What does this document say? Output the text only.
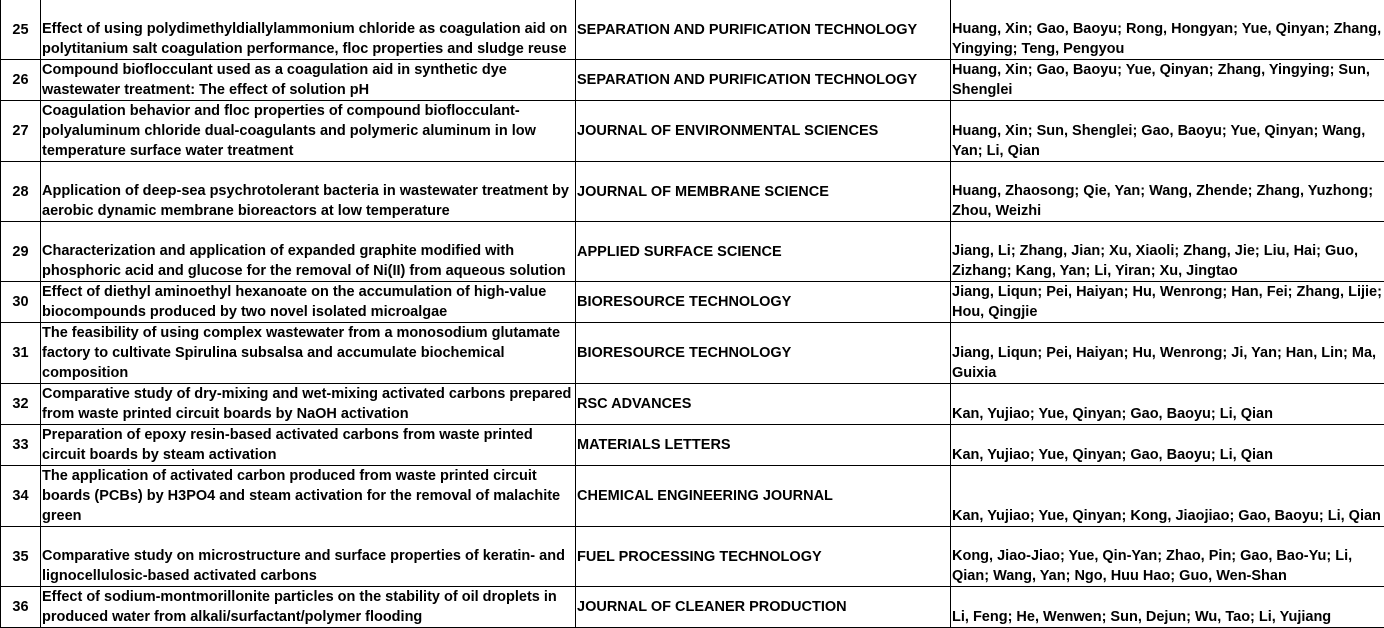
25	Effect of using polydimethyldiallylammonium chloride as coagulation aid on polytitanium salt coagulation performance, floc properties and sludge reuse	SEPARATION AND PURIFICATION TECHNOLOGY	Huang, Xin; Gao, Baoyu; Rong, Hongyan; Yue, Qinyan; Zhang, Yingying; Teng, Pengyou
26	Compound bioflocculant used as a coagulation aid in synthetic dye wastewater treatment: The effect of solution pH	SEPARATION AND PURIFICATION TECHNOLOGY	Huang, Xin; Gao, Baoyu; Yue, Qinyan; Zhang, Yingying; Sun, Shenglei
27	Coagulation behavior and floc properties of compound bioflocculant-polyaluminum chloride dual-coagulants and polymeric aluminum in low temperature surface water treatment	JOURNAL OF ENVIRONMENTAL SCIENCES	Huang, Xin; Sun, Shenglei; Gao, Baoyu; Yue, Qinyan; Wang, Yan; Li, Qian
28	Application of deep-sea psychrotolerant bacteria in wastewater treatment by aerobic dynamic membrane bioreactors at low temperature	JOURNAL OF MEMBRANE SCIENCE	Huang, Zhaosong; Qie, Yan; Wang, Zhende; Zhang, Yuzhong; Zhou, Weizhi
29	Characterization and application of expanded graphite modified with phosphoric acid and glucose for the removal of Ni(II) from aqueous solution	APPLIED SURFACE SCIENCE	Jiang, Li; Zhang, Jian; Xu, Xiaoli; Zhang, Jie; Liu, Hai; Guo, Zizhang; Kang, Yan; Li, Yiran; Xu, Jingtao
30	Effect of diethyl aminoethyl hexanoate on the accumulation of high-value biocompounds produced by two novel isolated microalgae	BIORESOURCE TECHNOLOGY	Jiang, Liqun; Pei, Haiyan; Hu, Wenrong; Han, Fei; Zhang, Lijie; Hou, Qingjie
31	The feasibility of using complex wastewater from a monosodium glutamate factory to cultivate Spirulina subsalsa and accumulate biochemical composition	BIORESOURCE TECHNOLOGY	Jiang, Liqun; Pei, Haiyan; Hu, Wenrong; Ji, Yan; Han, Lin; Ma, Guixia
32	Comparative study of dry-mixing and wet-mixing activated carbons prepared from waste printed circuit boards by NaOH activation	RSC ADVANCES	Kan, Yujiao; Yue, Qinyan; Gao, Baoyu; Li, Qian
33	Preparation of epoxy resin-based activated carbons from waste printed circuit boards by steam activation	MATERIALS LETTERS	Kan, Yujiao; Yue, Qinyan; Gao, Baoyu; Li, Qian
34	The application of activated carbon produced from waste printed circuit boards (PCBs) by H3PO4 and steam activation for the removal of malachite green	CHEMICAL ENGINEERING JOURNAL	Kan, Yujiao; Yue, Qinyan; Kong, Jiaojiao; Gao, Baoyu; Li, Qian
35	Comparative study on microstructure and surface properties of keratin- and lignocellulosic-based activated carbons	FUEL PROCESSING TECHNOLOGY	Kong, Jiao-Jiao; Yue, Qin-Yan; Zhao, Pin; Gao, Bao-Yu; Li, Qian; Wang, Yan; Ngo, Huu Hao; Guo, Wen-Shan
36	Effect of sodium-montmorillonite particles on the stability of oil droplets in produced water from alkali/surfactant/polymer flooding	JOURNAL OF CLEANER PRODUCTION	Li, Feng; He, Wenwen; Sun, Dejun; Wu, Tao; Li, Yujiang
